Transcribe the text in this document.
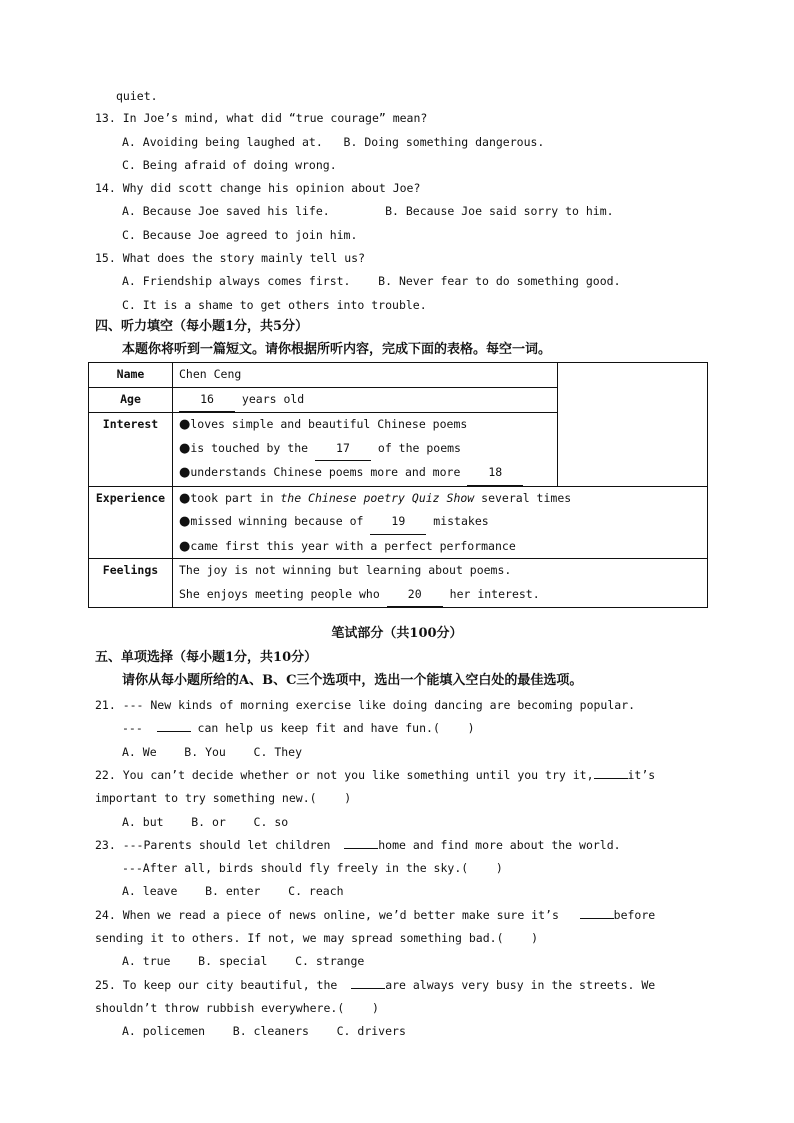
quiet.
13. In Joe’s mind, what did “true courage” mean?
A. Avoiding being laughed at.   B. Doing something dangerous.
C. Being afraid of doing wrong.
14. Why did scott change his opinion about Joe?
A. Because Joe saved his life.        B. Because Joe said sorry to him.
C. Because Joe agreed to join him.
15. What does the story mainly tell us?
A. Friendship always comes first.    B. Never fear to do something good.
C. It is a shame to get others into trouble.
四、听力填空（每小题1分，共5分）
本题你将听到一篇短文。请你根据所听内容，完成下面的表格。每空一词。
Name	Chen Ceng	

Age	16 years old	

Interest	●loves simple and beautiful Chinese poems
●is touched by the 17 of the poems
●understands Chinese poems more and more 18	

Experience	●took part in the Chinese poetry Quiz Show several times
●missed winning because of 19 mistakes
●came first this year with a perfect performance	

Feelings	The joy is not winning but learning about poems.
She enjoys meeting people who 20 her interest.	
笔试部分（共100分）
五、单项选择（每小题1分，共10分）
请你从每小题所给的A、B、C三个选项中，选出一个能填入空白处的最佳选项。
21. --- New kinds of morning exercise like doing dancing are becoming popular.
---	can help us keep fit and have fun.(    )
A. We    B. You    C. They
22. You can’t decide whether or not you like something until you try it,	it’s
important to try something new.(    )
A. but    B. or    C. so
23. ---Parents should let children	home and find more about the world.
---After all, birds should fly freely in the sky.(    )
A. leave    B. enter    C. reach
24. When we read a piece of news online, we’d better make sure it’s	before
sending it to others. If not, we may spread something bad.(    )
A. true    B. special    C. strange
25. To keep our city beautiful, the	are always very busy in the streets. We
shouldn’t throw rubbish everywhere.(    )
A. policemen    B. cleaners    C. drivers
